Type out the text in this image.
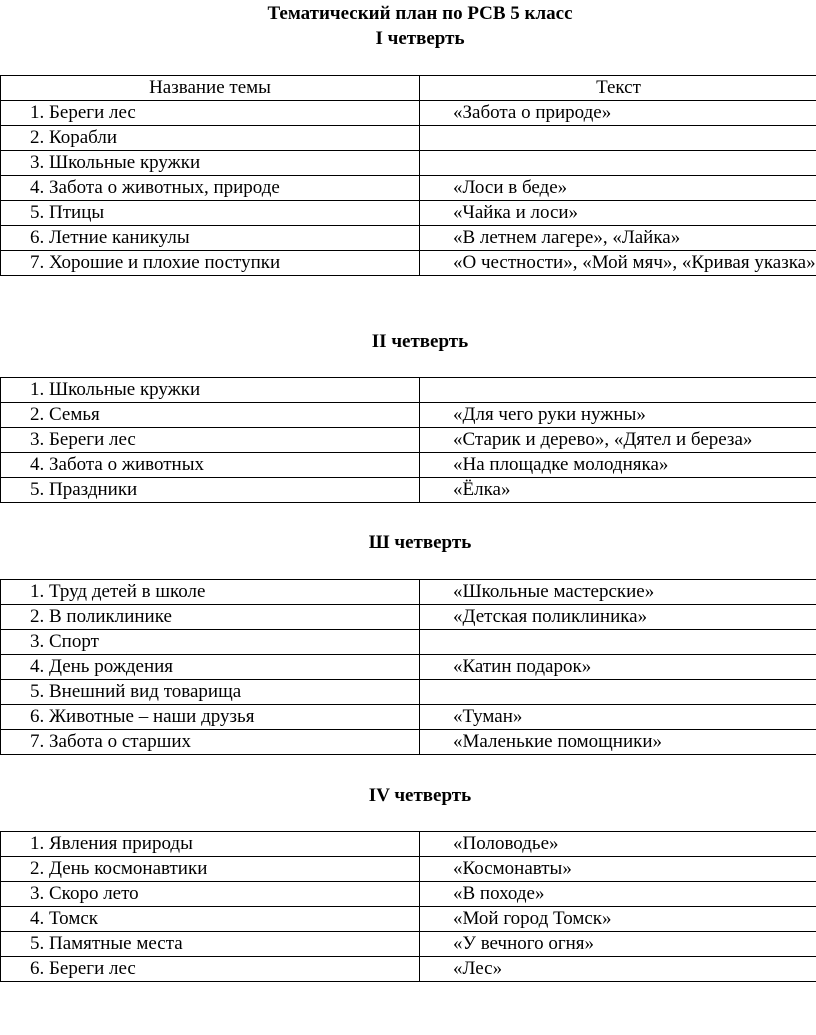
Тематический план по РСВ 5 класс
I четверть
Название темы	Текст
1. Береги лес	«Забота о природе»
2. Корабли	
3. Школьные кружки	
4. Забота о животных, природе	«Лоси в беде»
5. Птицы	«Чайка и лоси»
6. Летние каникулы	«В летнем лагере», «Лайка»
7. Хорошие и плохие поступки	«О честности», «Мой мяч», «Кривая указка»
II четверть
1. Школьные кружки	
2. Семья	«Для чего руки нужны»
3. Береги лес	«Старик и дерево», «Дятел и береза»
4. Забота о животных	«На площадке молодняка»
5. Праздники	«Ёлка»
Ш четверть
1. Труд детей в школе	«Школьные мастерские»
2. В поликлинике	«Детская поликлиника»
3. Спорт	
4. День рождения	«Катин подарок»
5. Внешний вид товарища	
6. Животные – наши друзья	«Туман»
7. Забота о старших	«Маленькие помощники»
IV четверть
1. Явления природы	«Половодье»
2. День космонавтики	«Космонавты»
3. Скоро лето	«В походе»
4. Томск	«Мой город Томск»
5. Памятные места	«У вечного огня»
6. Береги лес	«Лес»
